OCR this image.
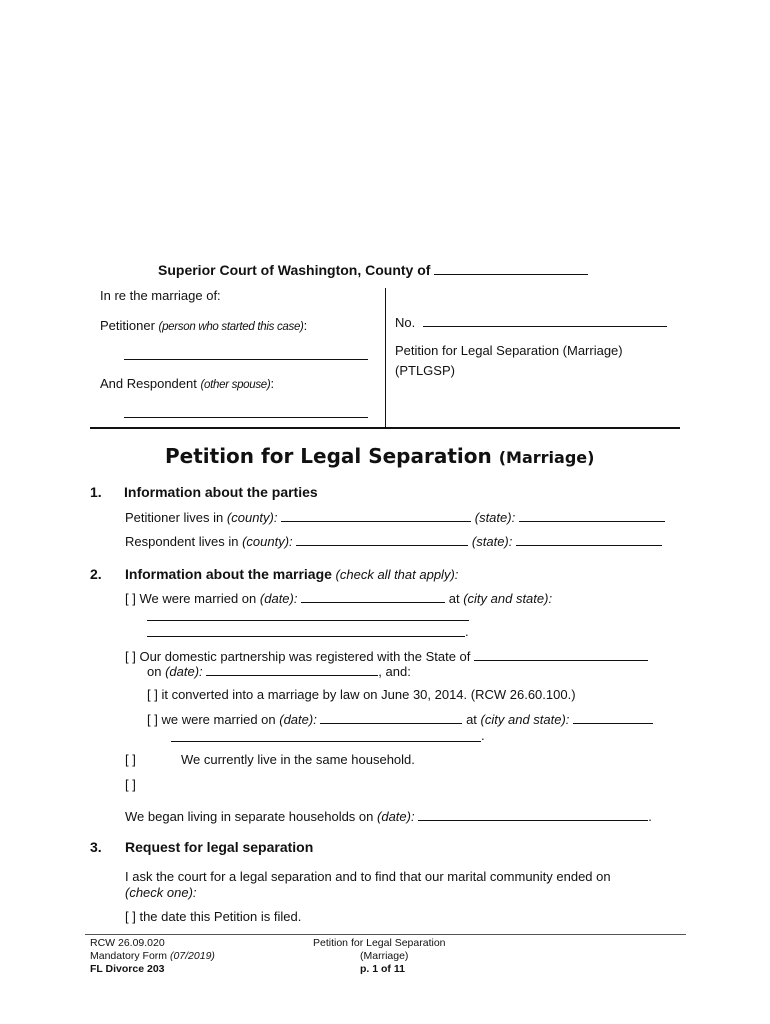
Superior Court of Washington, County of
In re the marriage of:
Petitioner (person who started this case):
And Respondent (other spouse):
No.
Petition for Legal Separation (Marriage)
(PTLGSP)
Petition for Legal Separation (Marriage)
1. Information about the parties
Petitioner lives in (county):	(state):
Respondent lives in (county):	(state):
2. Information about the marriage (check all that apply):
[ ] We were married on (date):	at (city and state):
.
[ ] Our domestic partnership was registered with the State of
on (date):	, and:
[ ] it converted into a marriage by law on June 30, 2014. (RCW 26.60.100.)
[ ] we were married on (date):	at (city and state):
.
[ ]	We currently live in the same household.
[ ]
We began living in separate households on (date):	.
3. Request for legal separation
I ask the court for a legal separation and to find that our marital community ended on
(check one):
[ ] the date this Petition is filed.
RCW 26.09.020
Mandatory Form (07/2019)
FL Divorce 203
Petition for Legal Separation
(Marriage)
p. 1 of 11
